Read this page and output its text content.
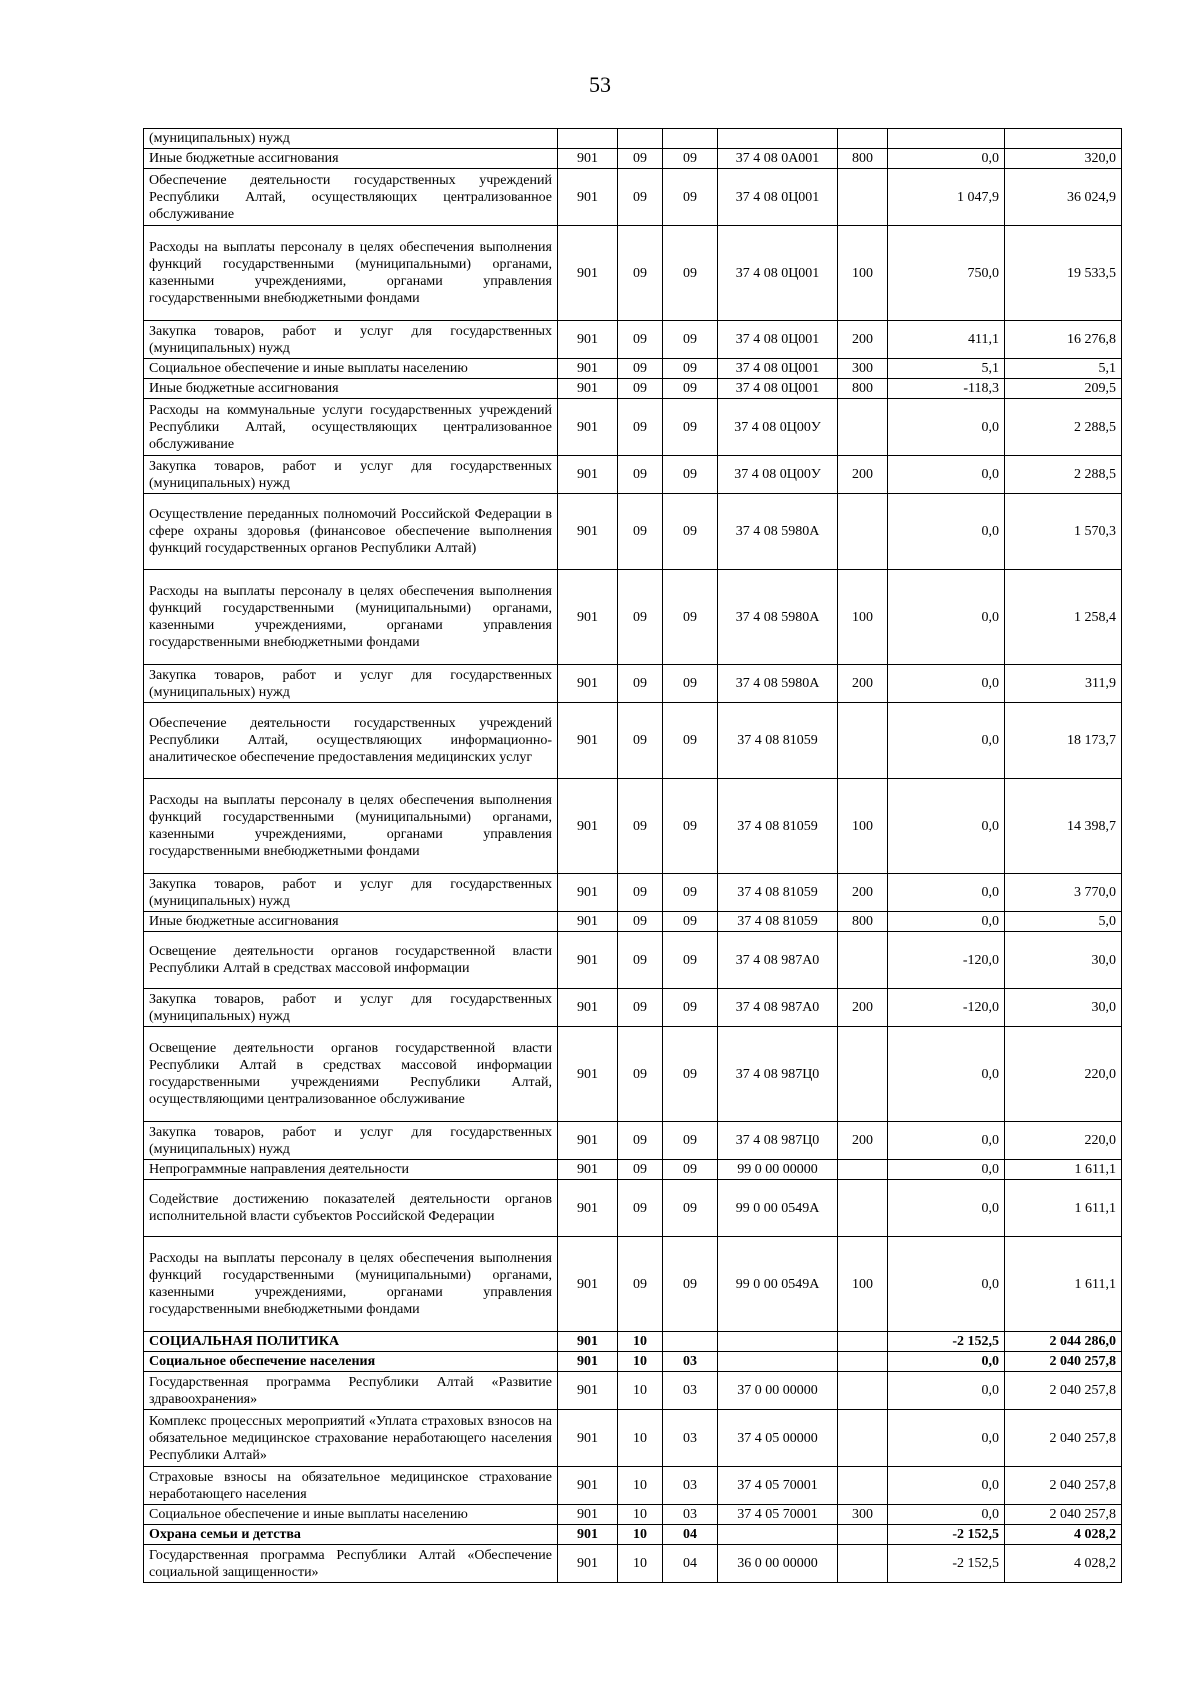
53
(муниципальных) нужд							
Иные бюджетные ассигнования	901	09	09	37 4 08 0А001	800	0,0	320,0
Обеспечение деятельности государственных учреждений Республики Алтай, осуществляющих централизованное обслуживание	901	09	09	37 4 08 0Ц001		1 047,9	36 024,9
Расходы на выплаты персоналу в целях обеспечения выполнения функций государственными (муниципальными) органами, казенными учреждениями, органами управления государственными внебюджетными фондами	901	09	09	37 4 08 0Ц001	100	750,0	19 533,5
Закупка товаров, работ и услуг для государственных (муниципальных) нужд	901	09	09	37 4 08 0Ц001	200	411,1	16 276,8
Социальное обеспечение и иные выплаты населению	901	09	09	37 4 08 0Ц001	300	5,1	5,1
Иные бюджетные ассигнования	901	09	09	37 4 08 0Ц001	800	-118,3	209,5
Расходы на коммунальные услуги государственных учреждений Республики Алтай, осуществляющих централизованное обслуживание	901	09	09	37 4 08 0Ц00У		0,0	2 288,5
Закупка товаров, работ и услуг для государственных (муниципальных) нужд	901	09	09	37 4 08 0Ц00У	200	0,0	2 288,5
Осуществление переданных полномочий Российской Федерации в сфере охраны здоровья (финансовое обеспечение выполнения функций государственных органов Республики Алтай)	901	09	09	37 4 08 5980А		0,0	1 570,3
Расходы на выплаты персоналу в целях обеспечения выполнения функций государственными (муниципальными) органами, казенными учреждениями, органами управления государственными внебюджетными фондами	901	09	09	37 4 08 5980А	100	0,0	1 258,4
Закупка товаров, работ и услуг для государственных (муниципальных) нужд	901	09	09	37 4 08 5980А	200	0,0	311,9
Обеспечение деятельности государственных учреждений Республики Алтай, осуществляющих информационно-аналитическое обеспечение предоставления медицинских услуг	901	09	09	37 4 08 81059		0,0	18 173,7
Расходы на выплаты персоналу в целях обеспечения выполнения функций государственными (муниципальными) органами, казенными учреждениями, органами управления государственными внебюджетными фондами	901	09	09	37 4 08 81059	100	0,0	14 398,7
Закупка товаров, работ и услуг для государственных (муниципальных) нужд	901	09	09	37 4 08 81059	200	0,0	3 770,0
Иные бюджетные ассигнования	901	09	09	37 4 08 81059	800	0,0	5,0
Освещение деятельности органов государственной власти Республики Алтай в средствах массовой информации	901	09	09	37 4 08 987А0		-120,0	30,0
Закупка товаров, работ и услуг для государственных (муниципальных) нужд	901	09	09	37 4 08 987А0	200	-120,0	30,0
Освещение деятельности органов государственной власти Республики Алтай в средствах массовой информации государственными учреждениями Республики Алтай, осуществляющими централизованное обслуживание	901	09	09	37 4 08 987Ц0		0,0	220,0
Закупка товаров, работ и услуг для государственных (муниципальных) нужд	901	09	09	37 4 08 987Ц0	200	0,0	220,0
Непрограммные направления деятельности	901	09	09	99 0 00 00000		0,0	1 611,1
Содействие достижению показателей деятельности органов исполнительной власти субъектов Российской Федерации	901	09	09	99 0 00 0549А		0,0	1 611,1
Расходы на выплаты персоналу в целях обеспечения выполнения функций государственными (муниципальными) органами, казенными учреждениями, органами управления государственными внебюджетными фондами	901	09	09	99 0 00 0549А	100	0,0	1 611,1
СОЦИАЛЬНАЯ ПОЛИТИКА	901	10				-2 152,5	2 044 286,0
Социальное обеспечение населения	901	10	03			0,0	2 040 257,8
Государственная программа Республики Алтай «Развитие здравоохранения»	901	10	03	37 0 00 00000		0,0	2 040 257,8
Комплекс процессных мероприятий «Уплата страховых взносов на обязательное медицинское страхование неработающего населения Республики Алтай»	901	10	03	37 4 05 00000		0,0	2 040 257,8
Страховые взносы на обязательное медицинское страхование неработающего населения	901	10	03	37 4 05 70001		0,0	2 040 257,8
Социальное обеспечение и иные выплаты населению	901	10	03	37 4 05 70001	300	0,0	2 040 257,8
Охрана семьи и детства	901	10	04			-2 152,5	4 028,2
Государственная программа Республики Алтай «Обеспечение социальной защищенности»	901	10	04	36 0 00 00000		-2 152,5	4 028,2
